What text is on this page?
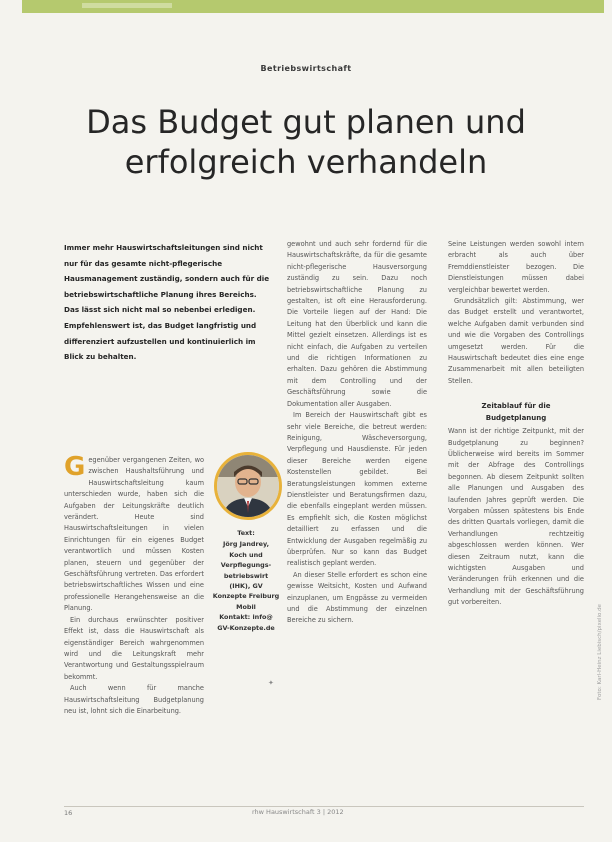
Betriebswirtschaft
Das Budget gut planen und
erfolgreich verhandeln
Immer mehr Hauswirtschaftsleitungen sind nicht nur für das gesamte nicht-pflegerische Hausmanagement zuständig, sondern auch für die betriebswirtschaftliche Planung ihres Bereichs. Das lässt sich nicht mal so nebenbei erledigen. Empfehlenswert ist, das Budget langfristig und differenziert aufzustellen und kontinuierlich im Blick zu behalten.

gewohnt und auch sehr fordernd für die Hauswirtschaftskräfte, da für die gesamte nicht-pflegerische Hausversorgung zuständig zu sein. Dazu noch betriebswirtschaftliche Planung zu gestalten, ist oft eine Herausforderung. Die Vorteile liegen auf der Hand: Die Leitung hat den Überblick und kann die Mittel gezielt einsetzen. Allerdings ist es nicht einfach, die Aufgaben zu verteilen und die richtigen Informationen zu erhalten. Dazu gehören die Abstimmung mit dem Controlling und der Geschäftsführung sowie die Dokumentation aller Ausgaben.

Im Bereich der Hauswirtschaft gibt es sehr viele Bereiche, die betreut werden: Reinigung, Wäscheversorgung, Verpflegung und Hausdienste. Für jeden dieser Bereiche werden eigene Kostenstellen gebildet. Bei Beratungsleistungen kommen externe Dienstleister und Beratungsfirmen dazu, die ebenfalls eingeplant werden müssen. Es empfiehlt sich, die Kosten möglichst detailliert zu erfassen und die Entwicklung der Ausgaben regelmäßig zu überprüfen. Nur so kann das Budget realistisch geplant werden.

An dieser Stelle erfordert es schon eine gewisse Weitsicht, Kosten und Aufwand einzuplanen, um Engpässe zu vermeiden und die Abstimmung der einzelnen Bereiche zu sichern.

Seine Leistungen werden sowohl intern erbracht als auch über Fremddienstleister bezogen. Die Dienstleistungen müssen dabei vergleichbar bewertet werden.

Grundsätzlich gilt: Abstimmung, wer das Budget erstellt und verantwortet, welche Aufgaben damit verbunden sind und wie die Vorgaben des Controllings umgesetzt werden. Für die Hauswirtschaft bedeutet dies eine enge Zusammenarbeit mit allen beteiligten Stellen.

Zeitablauf für die
Budgetplanung

Wann ist der richtige Zeitpunkt, mit der Budgetplanung zu beginnen? Üblicherweise wird bereits im Sommer mit der Abfrage des Controllings begonnen. Ab diesem Zeitpunkt sollten alle Planungen und Ausgaben des laufenden Jahres geprüft werden. Die Vorgaben müssen spätestens bis Ende des dritten Quartals vorliegen, damit die Verhandlungen rechtzeitig abgeschlossen werden können. Wer diesen Zeitraum nutzt, kann die wichtigsten Ausgaben und Veränderungen früh erkennen und die Verhandlung mit der Geschäftsführung gut vorbereiten.

Gegenüber vergangenen Zeiten, wo zwischen Haushaltsführung und Hauswirtschaftsleitung kaum unterschieden wurde, haben sich die Aufgaben der Leitungskräfte deutlich verändert. Heute sind Hauswirtschaftsleitungen in vielen Einrichtungen für ein eigenes Budget verantwortlich und müssen Kosten planen, steuern und gegenüber der Geschäftsführung vertreten. Das erfordert betriebswirtschaftliches Wissen und eine professionelle Herangehensweise an die Planung.

Ein durchaus erwünschter positiver Effekt ist, dass die Hauswirtschaft als eigenständiger Bereich wahrgenommen wird und die Leitungskraft mehr Verantwortung und Gestaltungsspielraum bekommt.

Auch wenn für manche Hauswirtschaftsleitung Budgetplanung neu ist, lohnt sich die Einarbeitung.

Text:
Jörg Jandrey,
Koch und
Verpflegungs-
betriebswirt
(IHK), GV
Konzepte Freiburg
Mobil
Kontakt: info@
GV-Konzepte.de
✦
16	rhw Hauswirtschaft 3 | 2012
Foto: Karl-Heinz Liebisch/pixelio.de
